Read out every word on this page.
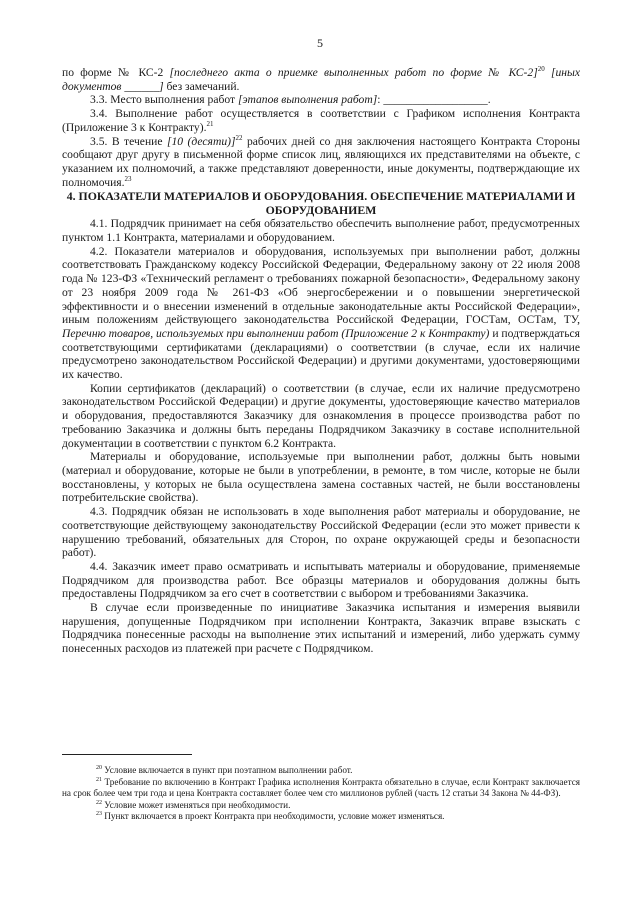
5

по форме № КС-2 [последнего акта о приемке выполненных работ по форме № КС-2]$^{20}$ [иных документов ______] без замечаний.

3.3. Место выполнения работ [этапов выполнения работ]: __________________.

3.4. Выполнение работ осуществляется в соответствии с Графиком исполнения Контракта (Приложение 3 к Контракту).$^{21}$

3.5. В течение [10 (десяти)]$^{22}$ рабочих дней со дня заключения настоящего Контракта Стороны сообщают друг другу в письменной форме список лиц, являющихся их представителями на объекте, с указанием их полномочий, а также представляют доверенности, иные документы, подтверждающие их полномочия.$^{23}$

4. ПОКАЗАТЕЛИ МАТЕРИАЛОВ И ОБОРУДОВАНИЯ. ОБЕСПЕЧЕНИЕ МАТЕРИАЛАМИ И ОБОРУДОВАНИЕМ

4.1. Подрядчик принимает на себя обязательство обеспечить выполнение работ, предусмотренных пунктом 1.1 Контракта, материалами и оборудованием.

4.2. Показатели материалов и оборудования, используемых при выполнении работ, должны соответствовать Гражданскому кодексу Российской Федерации, Федеральному закону от 22 июля 2008 года № 123-ФЗ «Технический регламент о требованиях пожарной безопасности», Федеральному закону от 23 ноября 2009 года № 261-ФЗ «Об энергосбережении и о повышении энергетической эффективности и о внесении изменений в отдельные законодательные акты Российской Федерации», иным положениям действующего законодательства Российской Федерации, ГОСТам, ОСТам, ТУ, Перечню товаров, используемых при выполнении работ (Приложение 2 к Контракту) и подтверждаться соответствующими сертификатами (декларациями) о соответствии (в случае, если их наличие предусмотрено законодательством Российской Федерации) и другими документами, удостоверяющими их качество.

Копии сертификатов (деклараций) о соответствии (в случае, если их наличие предусмотрено законодательством Российской Федерации) и другие документы, удостоверяющие качество материалов и оборудования, предоставляются Заказчику для ознакомления в процессе производства работ по требованию Заказчика и должны быть переданы Подрядчиком Заказчику в составе исполнительной документации в соответствии с пунктом 6.2 Контракта.

Материалы и оборудование, используемые при выполнении работ, должны быть новыми (материал и оборудование, которые не были в употреблении, в ремонте, в том числе, которые не были восстановлены, у которых не была осуществлена замена составных частей, не были восстановлены потребительские свойства).

4.3. Подрядчик обязан не использовать в ходе выполнения работ материалы и оборудование, не соответствующие действующему законодательству Российской Федерации (если это может привести к нарушению требований, обязательных для Сторон, по охране окружающей среды и безопасности работ).

4.4. Заказчик имеет право осматривать и испытывать материалы и оборудование, применяемые Подрядчиком для производства работ. Все образцы материалов и оборудования должны быть предоставлены Подрядчиком за его счет в соответствии с выбором и требованиями Заказчика.

В случае если произведенные по инициативе Заказчика испытания и измерения выявили нарушения, допущенные Подрядчиком при исполнении Контракта, Заказчик вправе взыскать с Подрядчика понесенные расходы на выполнение этих испытаний и измерений, либо удержать сумму понесенных расходов из платежей при расчете с Подрядчиком.

$^{20}$ Условие включается в пункт при поэтапном выполнении работ.

$^{21}$ Требование по включению в Контракт Графика исполнения Контракта обязательно в случае, если Контракт заключается на срок более чем три года и цена Контракта составляет более чем сто миллионов рублей (часть 12 статьи 34 Закона № 44-ФЗ).

$^{22}$ Условие может изменяться при необходимости.

$^{23}$ Пункт включается в проект Контракта при необходимости, условие может изменяться.
